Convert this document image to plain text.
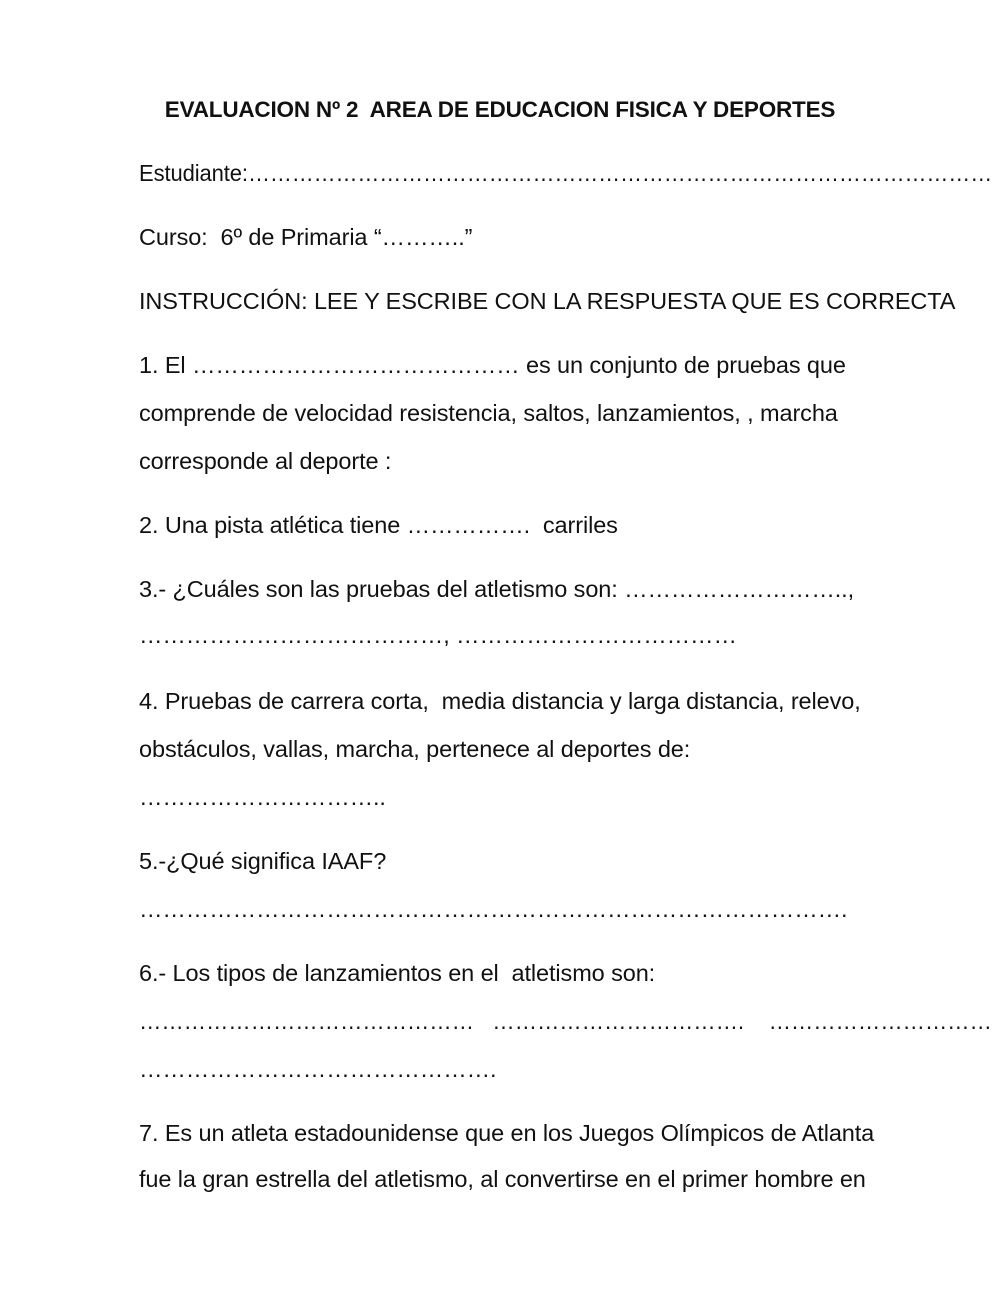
EVALUACION Nº 2  AREA DE EDUCACION FISICA Y DEPORTES
Estudiante:…………………………………………………………………………………………
Curso:  6º de Primaria “………..”
INSTRUCCIÓN: LEE Y ESCRIBE CON LA RESPUESTA QUE ES CORRECTA
1. El …………………………………… es un conjunto de pruebas que
comprende de velocidad resistencia, saltos, lanzamientos, , marcha
corresponde al deporte :
2. Una pista atlética tiene …………….  carriles
3.- ¿Cuáles son las pruebas del atletismo son: ………………………..,
…………………………………, ………………………………
4. Pruebas de carrera corta,  media distancia y larga distancia, relevo,
obstáculos, vallas, marcha, pertenece al deportes de:
…………………………..
5.-¿Qué significa IAAF?
……………………………………………………………………………….
6.- Los tipos de lanzamientos en el  atletismo son:
………………………………………   …………………………….    …………………………
……………………………………….
7. Es un atleta estadounidense que en los Juegos Olímpicos de Atlanta
fue la gran estrella del atletismo, al convertirse en el primer hombre en
